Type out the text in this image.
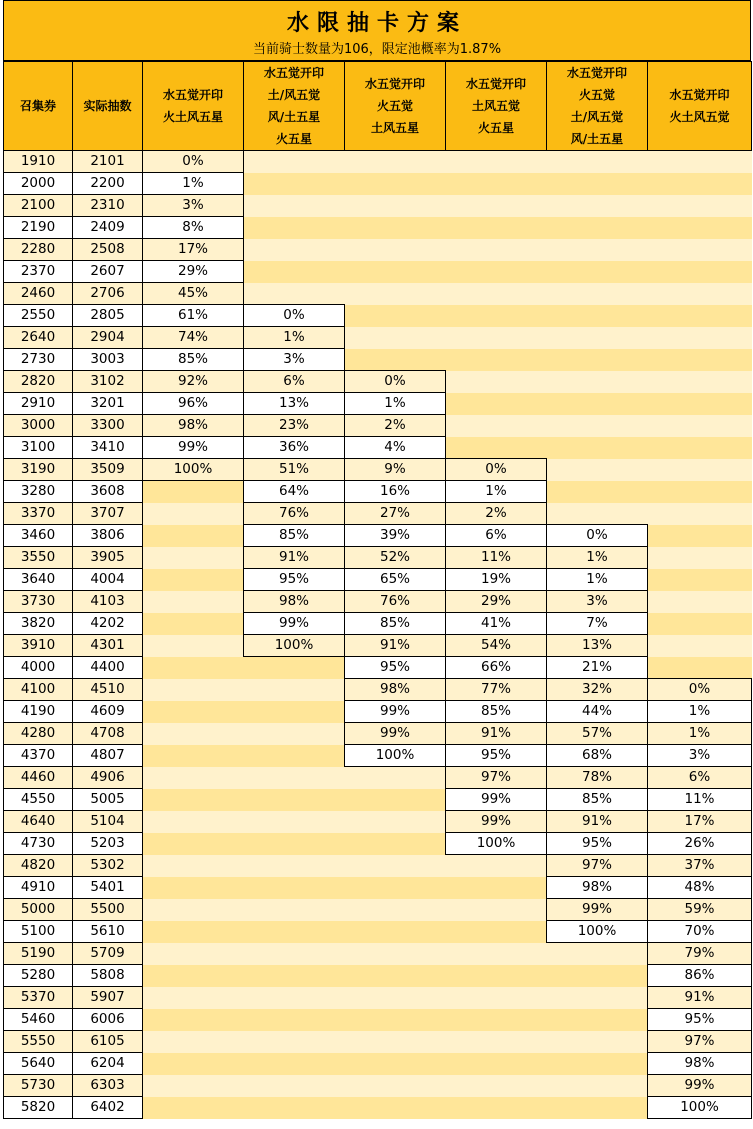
水限抽卡方案
当前骑士数量为106，限定池概率为1.87%
召集券	实际抽数	水五觉开印
火土风五星	水五觉开印
土/风五觉
风/土五星
火五星	水五觉开印
火五觉
土风五星	水五觉开印
土风五觉
火五星	水五觉开印
火五觉
土/风五觉
风/土五星	水五觉开印
火土风五觉
1910	2101	0%					
2000	2200	1%					
2100	2310	3%					
2190	2409	8%					
2280	2508	17%					
2370	2607	29%					
2460	2706	45%					
2550	2805	61%	0%				
2640	2904	74%	1%				
2730	3003	85%	3%				
2820	3102	92%	6%	0%			
2910	3201	96%	13%	1%			
3000	3300	98%	23%	2%			
3100	3410	99%	36%	4%			
3190	3509	100%	51%	9%	0%		
3280	3608		64%	16%	1%		
3370	3707		76%	27%	2%		
3460	3806		85%	39%	6%	0%	
3550	3905		91%	52%	11%	1%	
3640	4004		95%	65%	19%	1%	
3730	4103		98%	76%	29%	3%	
3820	4202		99%	85%	41%	7%	
3910	4301		100%	91%	54%	13%	
4000	4400			95%	66%	21%	
4100	4510			98%	77%	32%	0%
4190	4609			99%	85%	44%	1%
4280	4708			99%	91%	57%	1%
4370	4807			100%	95%	68%	3%
4460	4906				97%	78%	6%
4550	5005				99%	85%	11%
4640	5104				99%	91%	17%
4730	5203				100%	95%	26%
4820	5302					97%	37%
4910	5401					98%	48%
5000	5500					99%	59%
5100	5610					100%	70%
5190	5709						79%
5280	5808						86%
5370	5907						91%
5460	6006						95%
5550	6105						97%
5640	6204						98%
5730	6303						99%
5820	6402						100%
